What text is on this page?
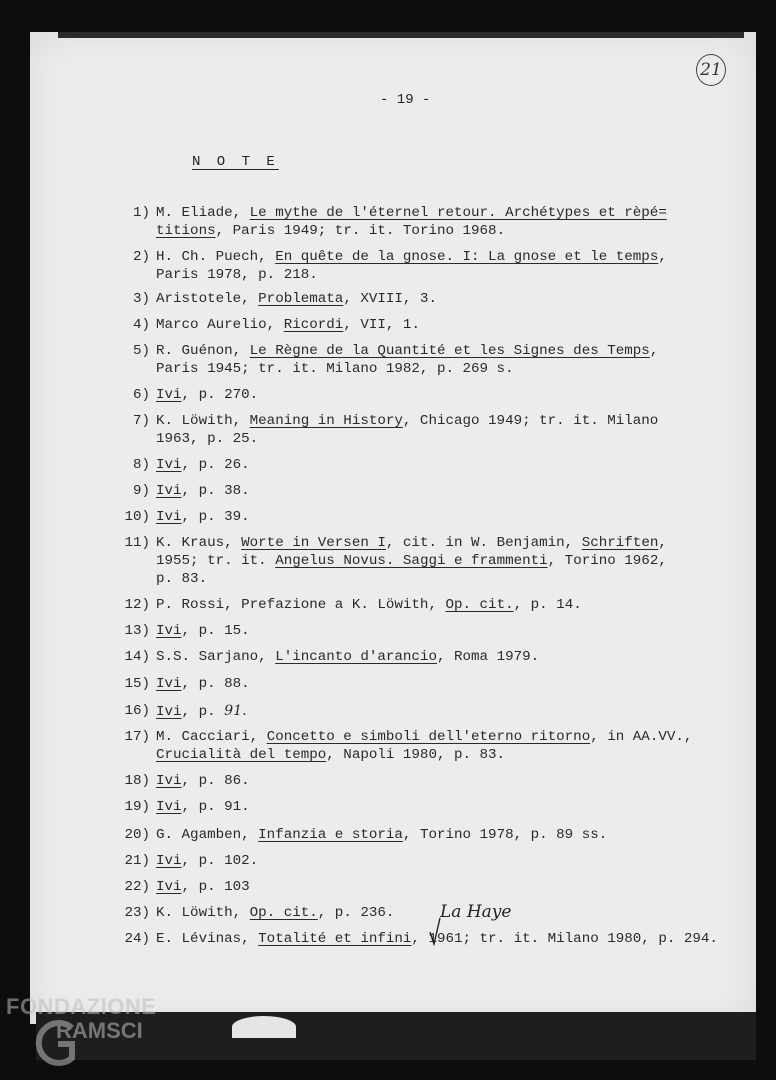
21
- 19 -
N O T E
1) M. Eliade, Le mythe de l'éternel retour. Archétypes et rèpé=
titions, Paris 1949; tr. it. Torino 1968.
2) H. Ch. Puech, En quête de la gnose. I: La gnose et le temps,
Paris 1978, p. 218.
3) Aristotele, Problemata, XVIII, 3.
4) Marco Aurelio, Ricordi, VII, 1.
5) R. Guénon, Le Règne de la Quantité et les Signes des Temps,
Paris 1945; tr. it. Milano 1982, p. 269 s.
6) Ivi, p. 270.
7) K. Löwith, Meaning in History, Chicago 1949; tr. it. Milano
1963, p. 25.
8) Ivi, p. 26.
9) Ivi, p. 38.
10) Ivi, p. 39.
11) K. Kraus, Worte in Versen I, cit. in W. Benjamin, Schriften,
1955; tr. it. Angelus Novus. Saggi e frammenti, Torino 1962,
p. 83.
12) P. Rossi, Prefazione a K. Löwith, Op. cit., p. 14.
13) Ivi, p. 15.
14) S.S. Sarjano, L'incanto d'arancio, Roma 1979.
15) Ivi, p. 88.
16) Ivi, p. 91.
17) M. Cacciari, Concetto e simboli dell'eterno ritorno, in AA.VV.,
Crucialità del tempo, Napoli 1980, p. 83.
18) Ivi, p. 86.
19) Ivi, p. 91.
20) G. Agamben, Infanzia e storia, Torino 1978, p. 89 ss.
21) Ivi, p. 102.
22) Ivi, p. 103
23) K. Löwith, Op. cit., p. 236.
24) E. Lévinas, Totalité et infini, 1961; tr. it. Milano 1980, p. 294.
La Haye
FONDAZIONE
RAMSCI
